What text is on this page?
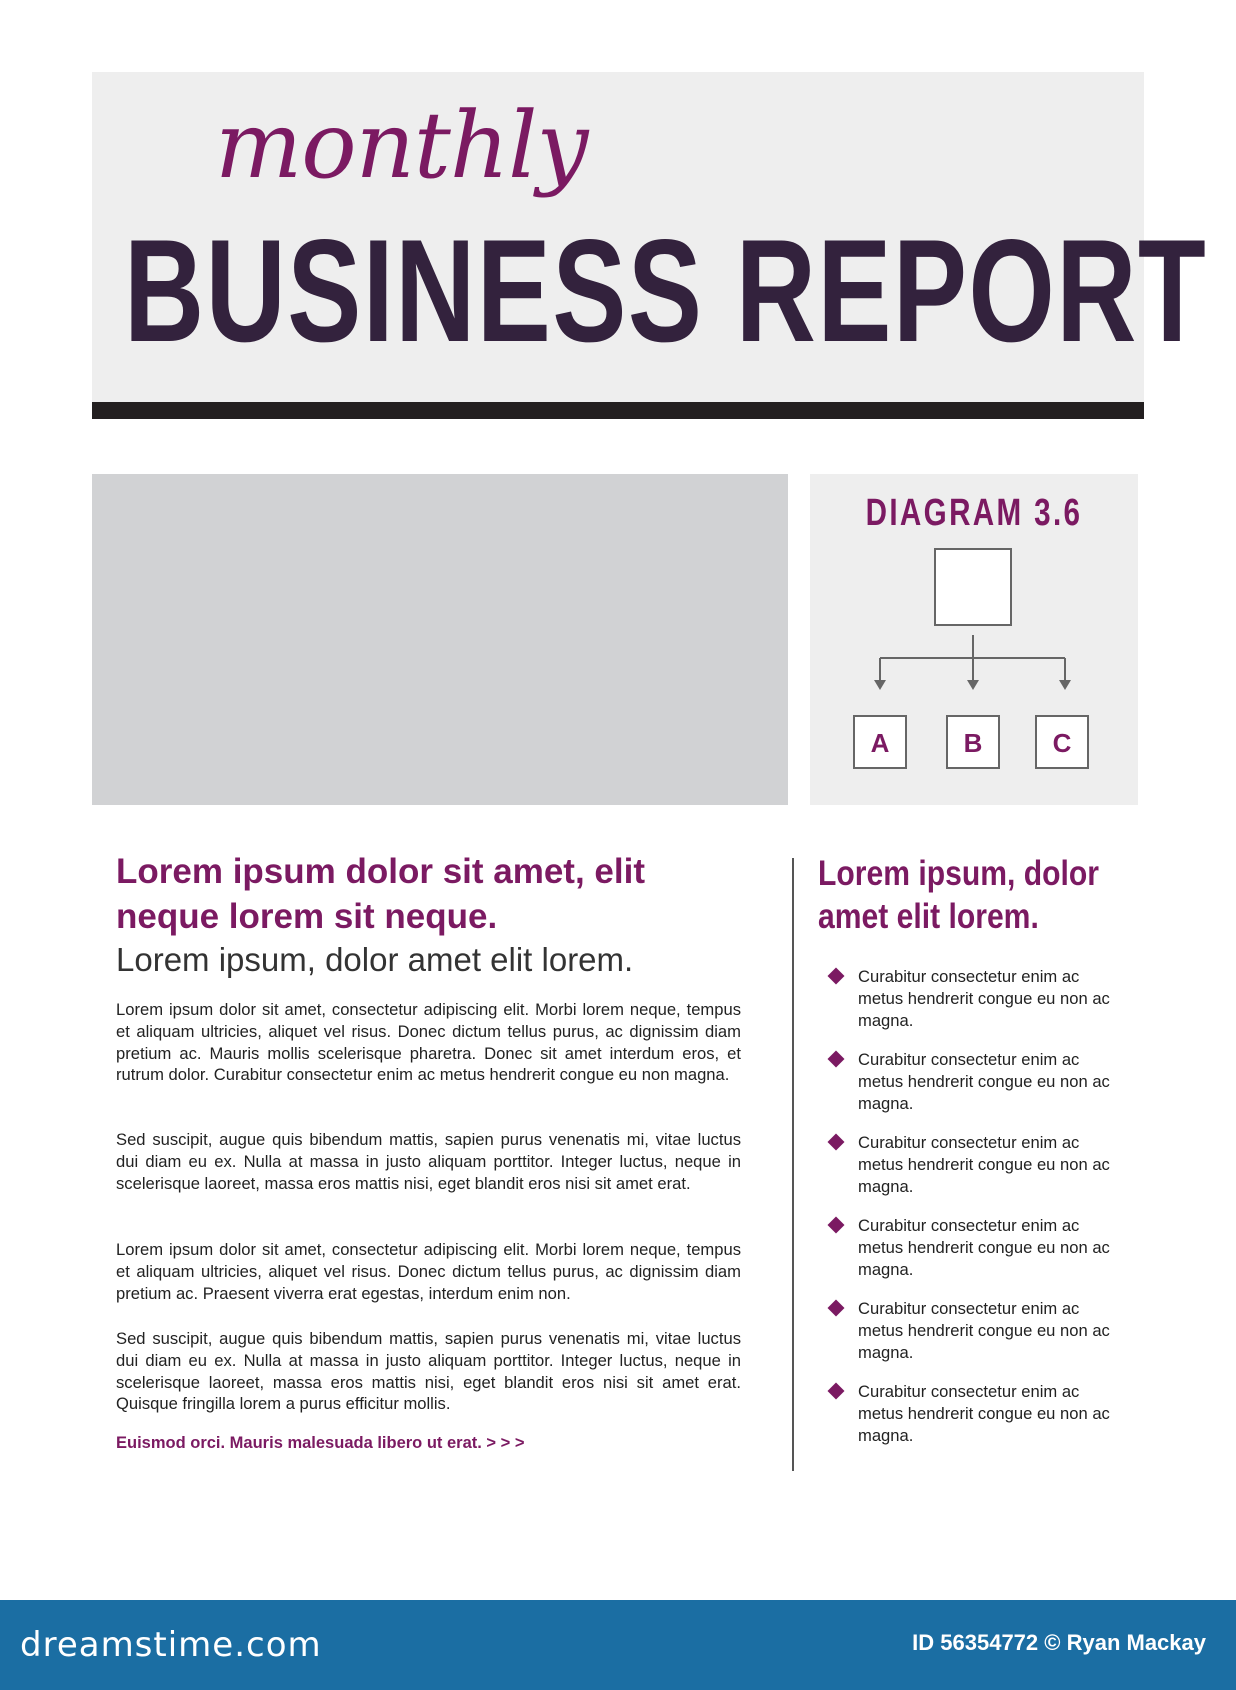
BUSINESS REPORT
monthly
A	B	C
DIAGRAM 3.6
Lorem ipsum dolor sit amet, elit neque lorem sit neque.
Lorem ipsum, dolor amet elit lorem.

Lorem ipsum dolor sit amet, consectetur adipiscing elit. Morbi lorem neque, tempus et aliquam ultricies, aliquet vel risus. Donec dictum tellus purus, ac dignissim diam pretium ac. Mauris mollis scelerisque pharetra. Donec sit amet interdum eros, et rutrum dolor. Curabitur consectetur enim ac metus hendrerit congue eu non magna.

Sed suscipit, augue quis bibendum mattis, sapien purus venenatis mi, vitae luctus dui diam eu ex. Nulla at massa in justo aliquam porttitor. Integer luctus, neque in scelerisque laoreet, massa eros mattis nisi, eget blandit eros nisi sit amet erat.

Lorem ipsum dolor sit amet, consectetur adipiscing elit. Morbi lorem neque, tempus et aliquam ultricies, aliquet vel risus. Donec dictum tellus purus, ac dignissim diam pretium ac. Praesent viverra erat egestas, interdum enim non.

Sed suscipit, augue quis bibendum mattis, sapien purus venenatis mi, vitae luctus dui diam eu ex. Nulla at massa in justo aliquam porttitor. Integer luctus, neque in scelerisque laoreet, massa eros mattis nisi, eget blandit eros nisi sit amet erat. Quisque fringilla lorem a purus efficitur mollis.

Euismod orci. Mauris malesuada libero ut erat. > > >
Lorem ipsum, dolor amet elit lorem.
Curabitur consectetur enim ac metus hendrerit congue eu non ac magna.
Curabitur consectetur enim ac metus hendrerit congue eu non ac magna.
Curabitur consectetur enim ac metus hendrerit congue eu non ac magna.
Curabitur consectetur enim ac metus hendrerit congue eu non ac magna.
Curabitur consectetur enim ac metus hendrerit congue eu non ac magna.
Curabitur consectetur enim ac metus hendrerit congue eu non ac magna.
dreamstime.com	ID 56354772 © Ryan Mackay
